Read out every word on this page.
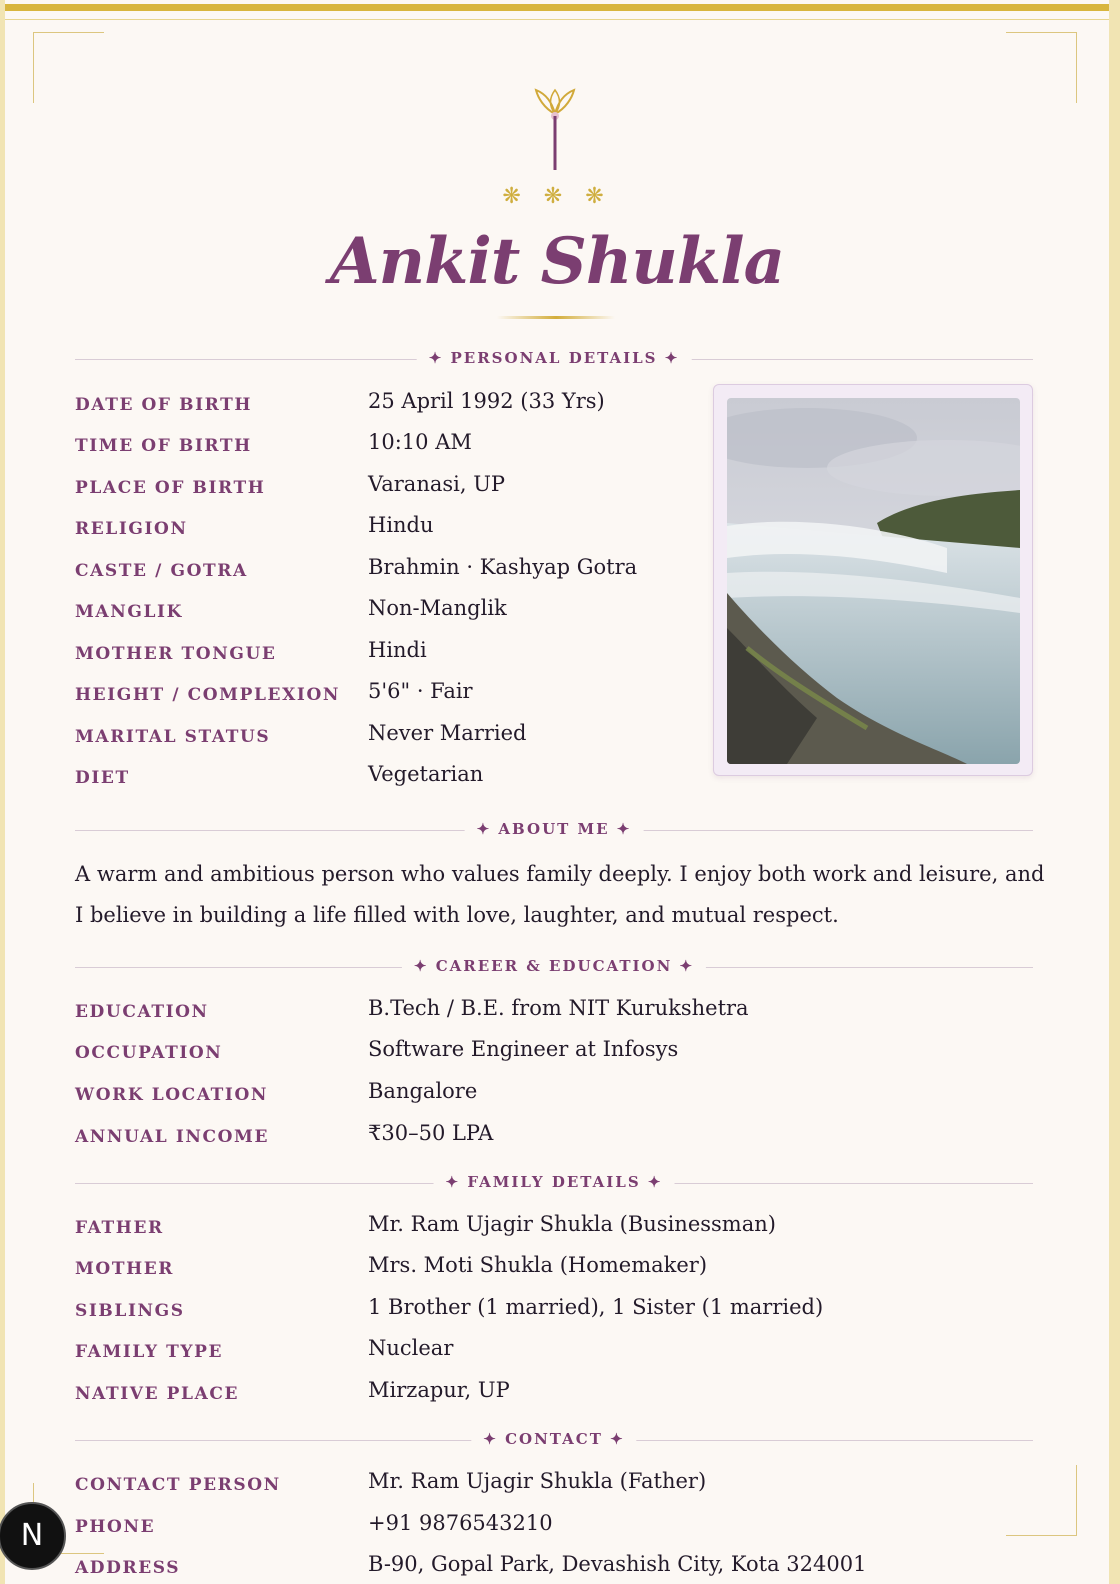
❋ ❋ ❋
Ankit Shukla
✦ PERSONAL DETAILS ✦
DATE OF BIRTH	25 April 1992 (33 Yrs)
TIME OF BIRTH	10:10 AM
PLACE OF BIRTH	Varanasi, UP
RELIGION	Hindu
CASTE / GOTRA	Brahmin · Kashyap Gotra
MANGLIK	Non-Manglik
MOTHER TONGUE	Hindi
HEIGHT / COMPLEXION 5'6" · Fair
MARITAL STATUS	Never Married
DIET	Vegetarian
✦ ABOUT ME ✦

A warm and ambitious person who values family deeply. I enjoy both work and leisure, and I believe in building a life filled with love, laughter, and mutual respect.

✦ CAREER & EDUCATION ✦
EDUCATION	B.Tech / B.E. from NIT Kurukshetra
OCCUPATION	Software Engineer at Infosys
WORK LOCATION	Bangalore
ANNUAL INCOME	₹30–50 LPA
✦ FAMILY DETAILS ✦
FATHER	Mr. Ram Ujagir Shukla (Businessman)
MOTHER	Mrs. Moti Shukla (Homemaker)
SIBLINGS	1 Brother (1 married), 1 Sister (1 married)
FAMILY TYPE	Nuclear
NATIVE PLACE	Mirzapur, UP
✦ CONTACT ✦
CONTACT PERSON	Mr. Ram Ujagir Shukla (Father)
PHONE	+91 9876543210
ADDRESS	B-90, Gopal Park, Devashish City, Kota 324001
N
